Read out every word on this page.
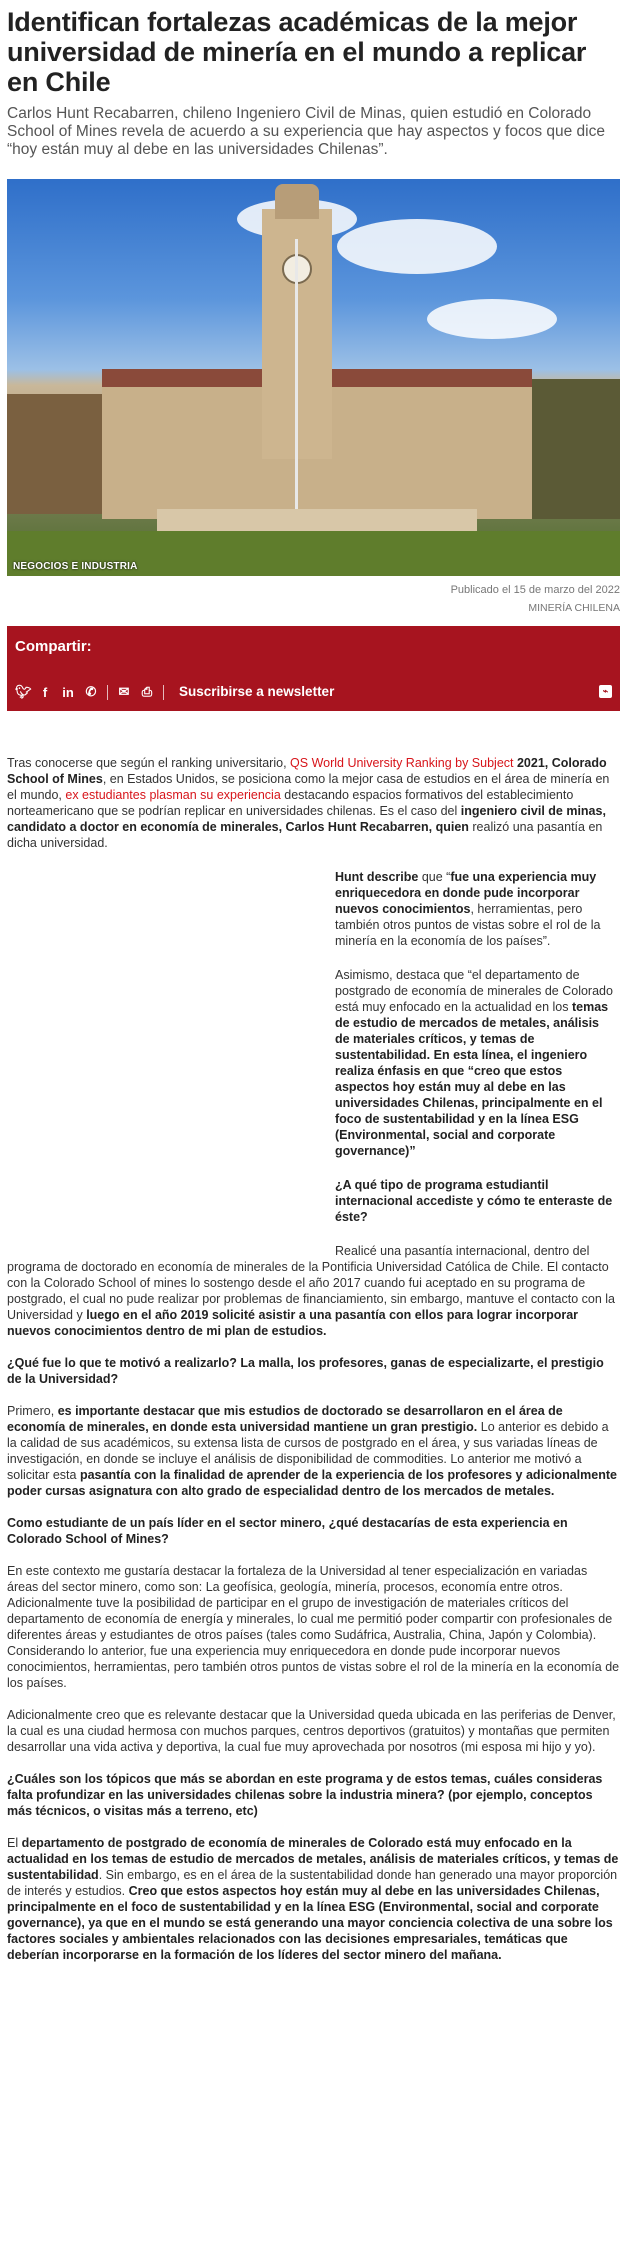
Identifican fortalezas académicas de la mejor universidad de minería en el mundo a replicar en Chile

Carlos Hunt Recabarren, chileno Ingeniero Civil de Minas, quien estudió en Colorado School of Mines revela de acuerdo a su experiencia que hay aspectos y focos que dice “hoy están muy al debe en las universidades Chilenas”.

NEGOCIOS E INDUSTRIA
Publicado el 15 de marzo del 2022
MINERÍA CHILENA
Compartir:
🐦︎ f	in ✆ ✉ ⎙ Suscribirse a newsletter	⌁

Tras conocerse que según el ranking universitario, QS World University Ranking by Subject 2021, Colorado School of Mines, en Estados Unidos, se posiciona como la mejor casa de estudios en el área de minería en el mundo, ex estudiantes plasman su experiencia destacando espacios formativos del establecimiento norteamericano que se podrían replicar en universidades chilenas. Es el caso del ingeniero civil de minas, candidato a doctor en economía de minerales, Carlos Hunt Recabarren, quien realizó una pasantía en dicha universidad.

Hunt describe que “fue una experiencia muy enriquecedora en donde pude incorporar nuevos conocimientos, herramientas, pero también otros puntos de vistas sobre el rol de la minería en la economía de los países”.

Asimismo, destaca que “el departamento de postgrado de economía de minerales de Colorado está muy enfocado en la actualidad en los temas de estudio de mercados de metales, análisis de materiales críticos, y temas de sustentabilidad. En esta línea, el ingeniero realiza énfasis en que “creo que estos aspectos hoy están muy al debe en las universidades Chilenas, principalmente en el foco de sustentabilidad y en la línea ESG (Environmental, social and corporate governance)”

¿A qué tipo de programa estudiantil internacional accediste y cómo te enteraste de éste?

Realicé una pasantía internacional, dentro del programa de doctorado en economía de minerales de la Pontificia Universidad Católica de Chile. El contacto con la Colorado School of mines lo sostengo desde el año 2017 cuando fui aceptado en su programa de postgrado, el cual no pude realizar por problemas de financiamiento, sin embargo, mantuve el contacto con la Universidad y luego en el año 2019 solicité asistir a una pasantía con ellos para lograr incorporar nuevos conocimientos dentro de mi plan de estudios.

¿Qué fue lo que te motivó a realizarlo? La malla, los profesores, ganas de especializarte, el prestigio de la Universidad?

Primero, es importante destacar que mis estudios de doctorado se desarrollaron en el área de economía de minerales, en donde esta universidad mantiene un gran prestigio. Lo anterior es debido a la calidad de sus académicos, su extensa lista de cursos de postgrado en el área, y sus variadas líneas de investigación, en donde se incluye el análisis de disponibilidad de commodities. Lo anterior me motivó a solicitar esta pasantía con la finalidad de aprender de la experiencia de los profesores y adicionalmente poder cursas asignatura con alto grado de especialidad dentro de los mercados de metales.

Como estudiante de un país líder en el sector minero, ¿qué destacarías de esta experiencia en Colorado School of Mines?

En este contexto me gustaría destacar la fortaleza de la Universidad al tener especialización en variadas áreas del sector minero, como son: La geofísica, geología, minería, procesos, economía entre otros. Adicionalmente tuve la posibilidad de participar en el grupo de investigación de materiales críticos del departamento de economía de energía y minerales, lo cual me permitió poder compartir con profesionales de diferentes áreas y estudiantes de otros países (tales como Sudáfrica, Australia, China, Japón y Colombia). Considerando lo anterior, fue una experiencia muy enriquecedora en donde pude incorporar nuevos conocimientos, herramientas, pero también otros puntos de vistas sobre el rol de la minería en la economía de los países.

Adicionalmente creo que es relevante destacar que la Universidad queda ubicada en las periferias de Denver, la cual es una ciudad hermosa con muchos parques, centros deportivos (gratuitos) y montañas que permiten desarrollar una vida activa y deportiva, la cual fue muy aprovechada por nosotros (mi esposa mi hijo y yo).

¿Cuáles son los tópicos que más se abordan en este programa y de estos temas, cuáles consideras falta profundizar en las universidades chilenas sobre la industria minera? (por ejemplo, conceptos más técnicos, o visitas más a terreno, etc)

El departamento de postgrado de economía de minerales de Colorado está muy enfocado en la actualidad en los temas de estudio de mercados de metales, análisis de materiales críticos, y temas de sustentabilidad. Sin embargo, es en el área de la sustentabilidad donde han generado una mayor proporción de interés y estudios. Creo que estos aspectos hoy están muy al debe en las universidades Chilenas, principalmente en el foco de sustentabilidad y en la línea ESG (Environmental, social and corporate governance), ya que en el mundo se está generando una mayor conciencia colectiva de una sobre los factores sociales y ambientales relacionados con las decisiones empresariales, temáticas que deberían incorporarse en la formación de los líderes del sector minero del mañana.
